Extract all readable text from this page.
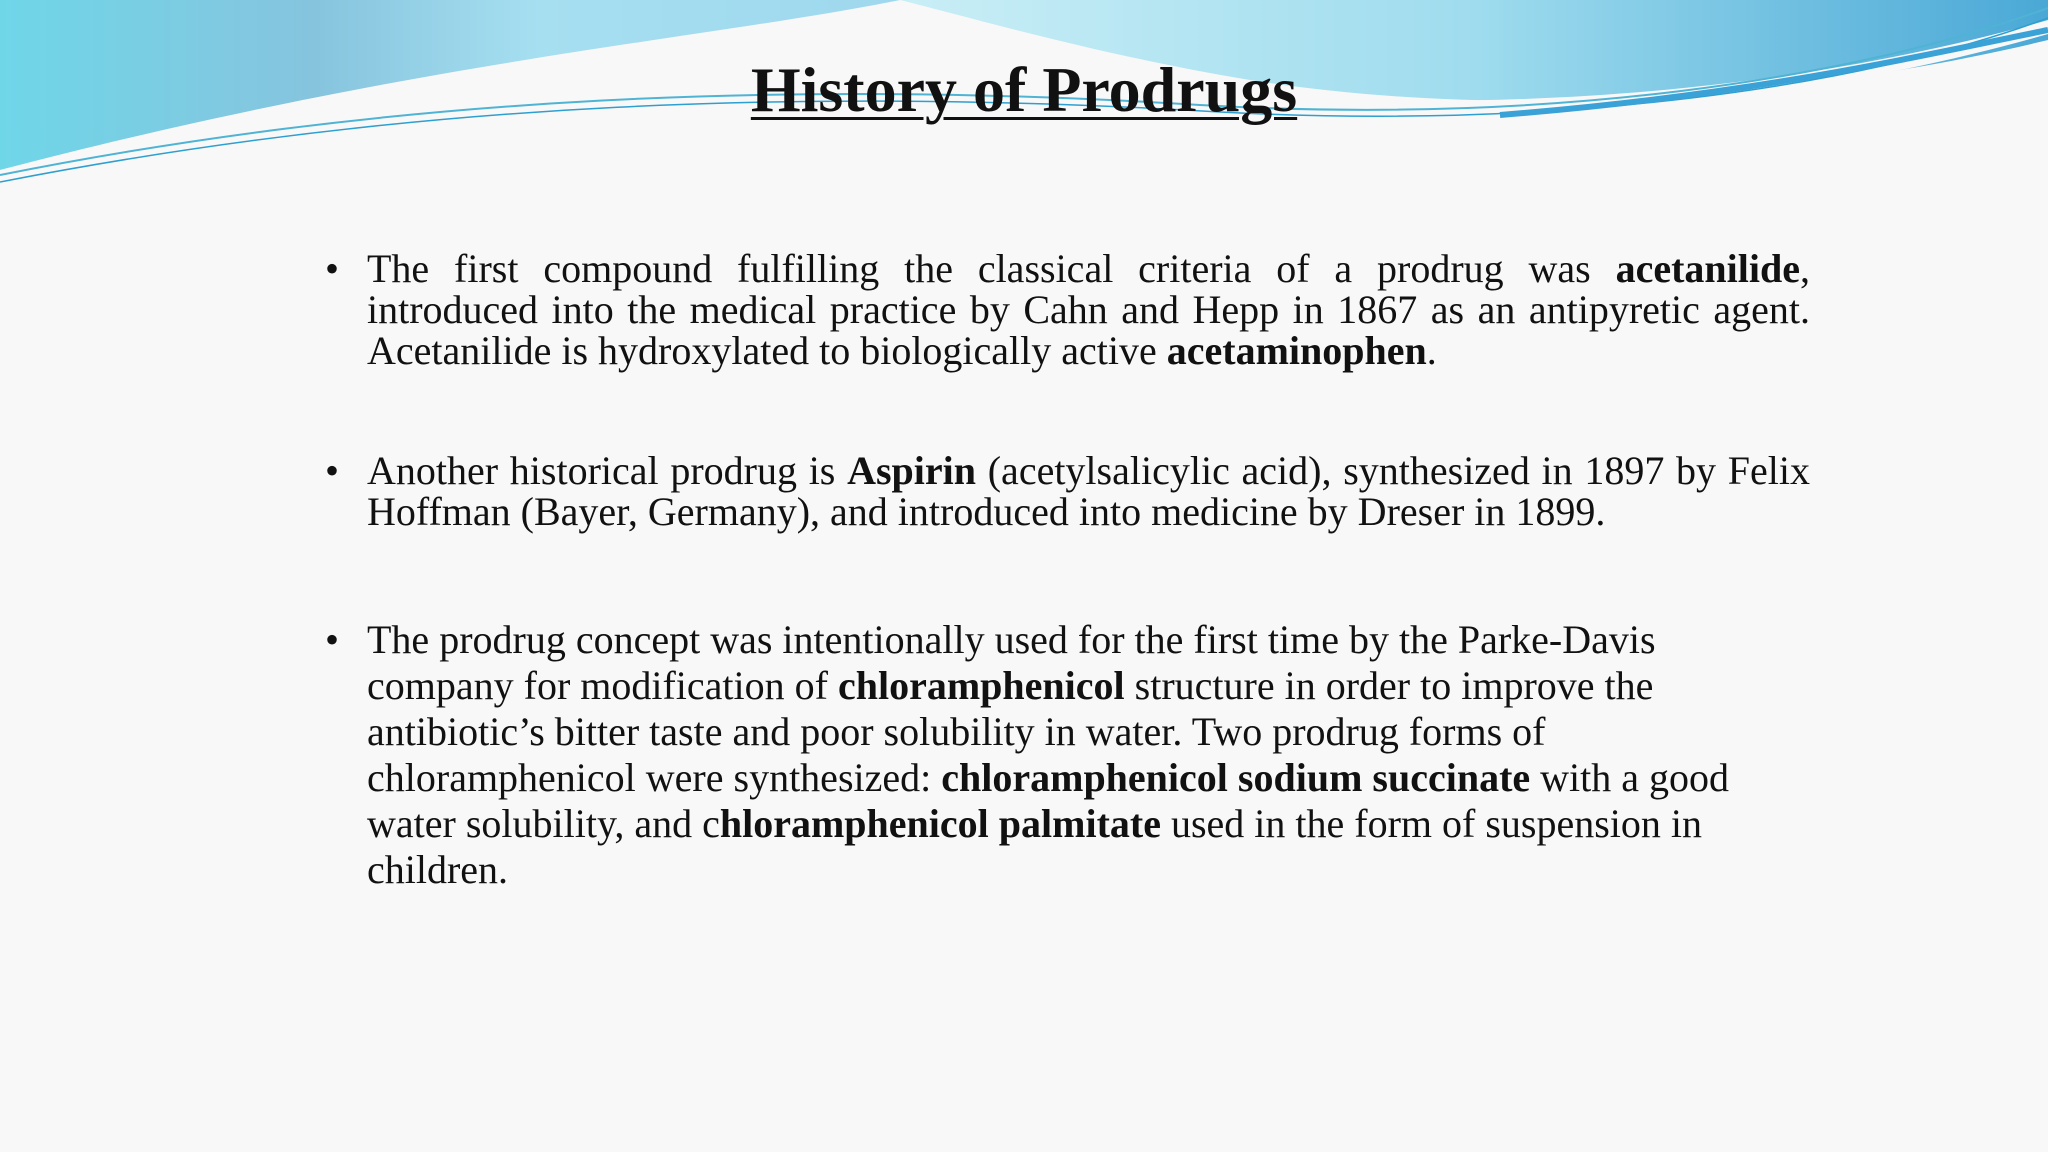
History of Prodrugs
• The first compound fulfilling the classical criteria of a prodrug was acetanilide, introduced into the medical practice by Cahn and Hepp in 1867 as an antipyretic agent. Acetanilide is hydroxylated to biologically active acetaminophen.
• Another historical prodrug is Aspirin (acetylsalicylic acid), synthesized in 1897 by Felix Hoffman (Bayer, Germany), and introduced into medicine by Dreser in 1899.
• The prodrug concept was intentionally used for the first time by the Parke-Davis company for modification of chloramphenicol structure in order to improve the antibiotic’s bitter taste and poor solubility in water. Two prodrug forms of chloramphenicol were synthesized: chloramphenicol sodium succinate with a good water solubility, and chloramphenicol palmitate used in the form of suspension in children.
